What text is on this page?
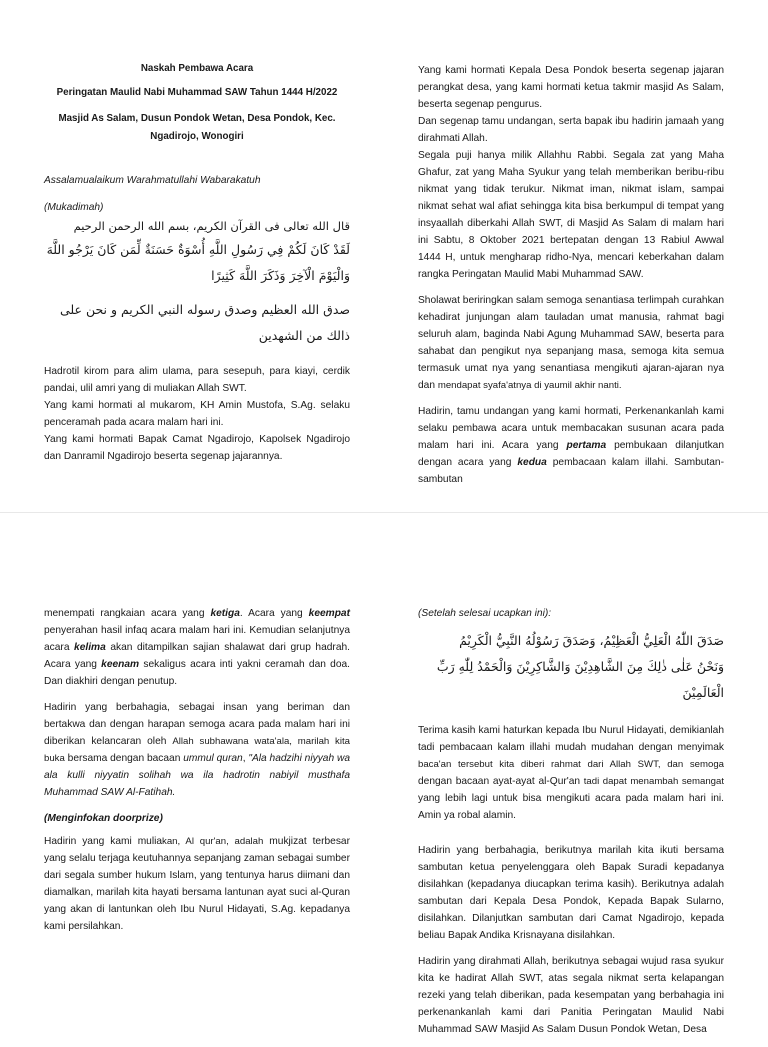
Naskah Pembawa Acara
Peringatan Maulid Nabi Muhammad SAW Tahun 1444 H/2022
Masjid As Salam, Dusun Pondok Wetan, Desa Pondok, Kec.
Ngadirojo, Wonogiri

Assalamualaikum Warahmatullahi Wabarakatuh

(Mukadimah)

قال الله تعالى فى القرآن الكريم، بسم الله الرحمن الرحيم
لَقَدْ كَانَ لَكُمْ فِي رَسُولِ اللَّهِ أُسْوَةٌ حَسَنَةٌ لِّمَن كَانَ يَرْجُو اللَّهَ وَالْيَوْمَ الْآخِرَ وَذَكَرَ اللَّهَ كَثِيرًا
صدق الله العظيم وصدق رسوله النبي الكريم و نحن على ذالك من الشهدين

Hadrotil kirom para alim ulama, para sesepuh, para kiayi, cerdik pandai, ulil amri yang di muliakan Allah SWT.

Yang kami hormati al mukarom, KH Amin Mustofa, S.Ag. selaku penceramah pada acara malam hari ini.

Yang kami hormati Bapak Camat Ngadirojo, Kapolsek Ngadirojo dan Danramil Ngadirojo beserta segenap jajarannya.

Yang kami hormati Kepala Desa Pondok beserta segenap jajaran perangkat desa, yang kami hormati ketua takmir masjid As Salam, beserta segenap pengurus.

Dan segenap tamu undangan, serta bapak ibu hadirin jamaah yang dirahmati Allah.

Segala puji hanya milik Allahhu Rabbi. Segala zat yang Maha Ghafur, zat yang Maha Syukur yang telah memberikan beribu-ribu nikmat yang tidak terukur. Nikmat iman, nikmat islam, sampai nikmat sehat wal afiat sehingga kita bisa berkumpul di tempat yang insyaallah diberkahi Allah SWT, di Masjid As Salam di malam hari ini Sabtu, 8 Oktober 2021 bertepatan dengan 13 Rabiul Awwal 1444 H, untuk mengharap ridho-Nya, mencari keberkahan dalam rangka Peringatan Maulid Mabi Muhammad SAW.

Sholawat beriringkan salam semoga senantiasa terlimpah curahkan kehadirat junjungan alam tauladan umat manusia, rahmat bagi seluruh alam, baginda Nabi Agung Muhammad SAW, beserta para sahabat dan pengikut nya sepanjang masa, semoga kita semua termasuk umat nya yang senantiasa mengikuti ajaran-ajaran nya dan mendapat syafa'atnya di yaumil akhir nanti.

Hadirin, tamu undangan yang kami hormati, Perkenankanlah kami selaku pembawa acara untuk membacakan susunan acara pada malam hari ini. Acara yang pertama pembukaan dilanjutkan dengan acara yang kedua pembacaan kalam illahi. Sambutan-sambutan

menempati rangkaian acara yang ketiga. Acara yang keempat penyerahan hasil infaq acara malam hari ini. Kemudian selanjutnya acara kelima akan ditampilkan sajian shalawat dari grup hadrah. Acara yang keenam sekaligus acara inti yakni ceramah dan doa. Dan diakhiri dengan penutup.

Hadirin yang berbahagia, sebagai insan yang beriman dan bertakwa dan dengan harapan semoga acara pada malam hari ini diberikan kelancaran oleh Allah subhawana wata'ala, marilah kita buka bersama dengan bacaan ummul quran, "Ala hadzihi niyyah wa ala kulli niyyatin solihah wa ila hadrotin nabiyil musthafa Muhammad SAW Al-Fatihah.

(Menginfokan doorprize)

Hadirin yang kami muliakan, Al qur'an, adalah mukjizat terbesar yang selalu terjaga keutuhannya sepanjang zaman sebagai sumber dari segala sumber hukum Islam, yang tentunya harus diimani dan diamalkan, marilah kita hayati bersama lantunan ayat suci al-Quran yang akan di lantunkan oleh Ibu Nurul Hidayati, S.Ag. kepadanya kami persilahkan.

(Setelah selesai ucapkan ini):

صَدَقَ اللّٰهُ الْعَلِيُّ الْعَظِيْمُ، وَصَدَقَ رَسُوْلُهُ النَّبِيُّ الْكَرِيْمُ
وَنَحْنُ عَلٰى ذٰلِكَ مِنَ الشَّاهِدِيْنَ وَالشَّاكِرِيْنَ وَالْحَمْدُ لِلّٰهِ رَبِّ الْعَالَمِيْنَ

Terima kasih kami haturkan kepada Ibu Nurul Hidayati, demikianlah tadi pembacaan kalam illahi mudah mudahan dengan menyimak baca'an tersebut kita diberi rahmat dari Allah SWT, dan semoga dengan bacaan ayat-ayat al-Qur'an tadi dapat menambah semangat yang lebih lagi untuk bisa mengikuti acara pada malam hari ini. Amin ya robal alamin.

Hadirin yang berbahagia, berikutnya marilah kita ikuti bersama sambutan ketua penyelenggara oleh Bapak Suradi kepadanya disilahkan (kepadanya diucapkan terima kasih). Berikutnya adalah sambutan dari Kepala Desa Pondok, Kepada Bapak Sularno, disilahkan. Dilanjutkan sambutan dari Camat Ngadirojo, kepada beliau Bapak Andika Krisnayana disilahkan.

Hadirin yang dirahmati Allah, berikutnya sebagai wujud rasa syukur kita ke hadirat Allah SWT, atas segala nikmat serta kelapangan rezeki yang telah diberikan, pada kesempatan yang berbahagia ini perkenankanlah kami dari Panitia Peringatan Maulid Nabi Muhammad SAW Masjid As Salam Dusun Pondok Wetan, Desa
